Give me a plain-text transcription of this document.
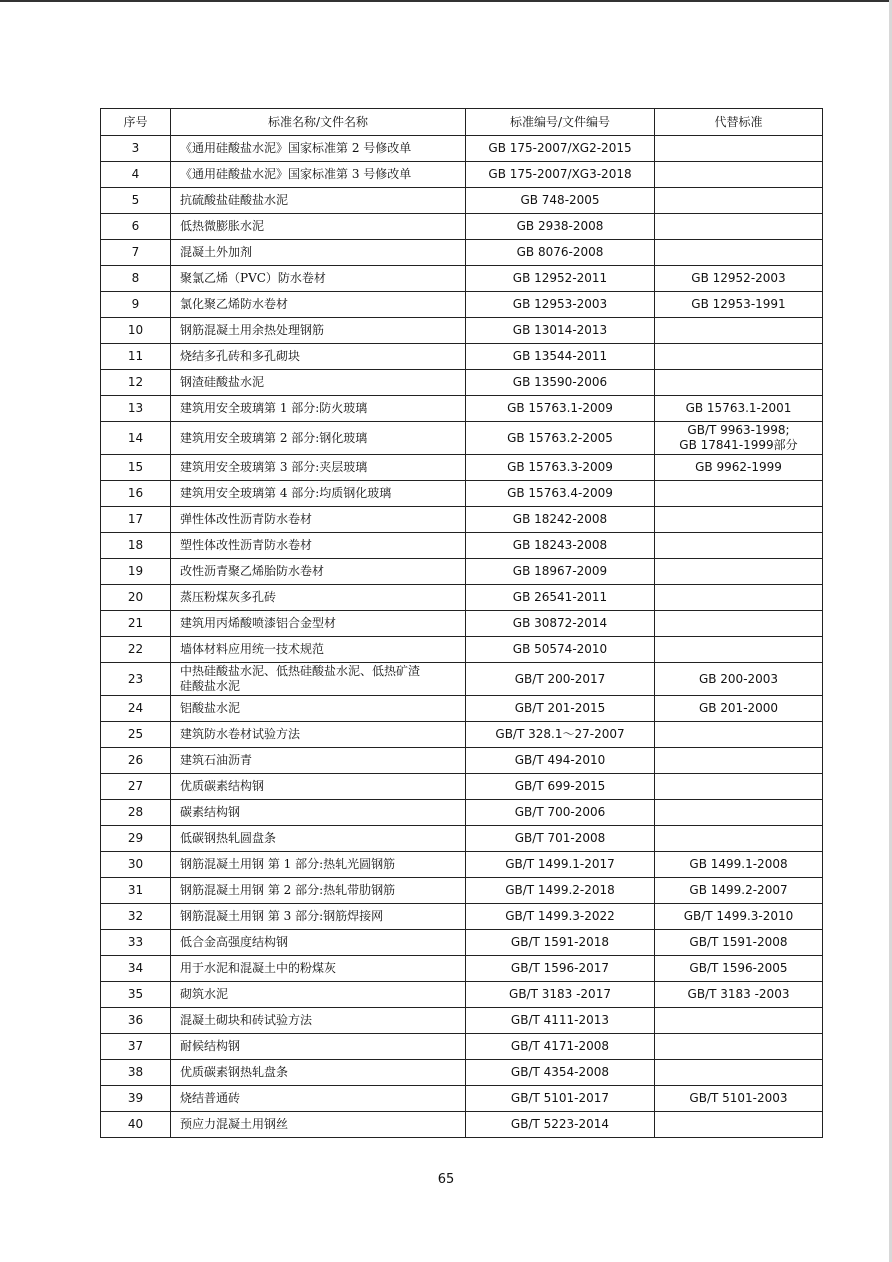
序号	标准名称/文件名称	标准编号/文件编号	代替标准
3	《通用硅酸盐水泥》国家标准第 2 号修改单	GB 175-2007/XG2-2015	
4	《通用硅酸盐水泥》国家标准第 3 号修改单	GB 175-2007/XG3-2018	
5	抗硫酸盐硅酸盐水泥	GB 748-2005	
6	低热微膨胀水泥	GB 2938-2008	
7	混凝土外加剂	GB 8076-2008	
8	聚氯乙烯（PVC）防水卷材	GB 12952-2011	GB 12952-2003
9	氯化聚乙烯防水卷材	GB 12953-2003	GB 12953-1991
10	钢筋混凝土用余热处理钢筋	GB 13014-2013	
11	烧结多孔砖和多孔砌块	GB 13544-2011	
12	钢渣硅酸盐水泥	GB 13590-2006	
13	建筑用安全玻璃第 1 部分:防火玻璃	GB 15763.1-2009	GB 15763.1-2001
14	建筑用安全玻璃第 2 部分:钢化玻璃	GB 15763.2-2005	GB/T 9963-1998;
GB 17841-1999部分
15	建筑用安全玻璃第 3 部分:夹层玻璃	GB 15763.3-2009	GB 9962-1999
16	建筑用安全玻璃第 4 部分:均质钢化玻璃	GB 15763.4-2009	
17	弹性体改性沥青防水卷材	GB 18242-2008	
18	塑性体改性沥青防水卷材	GB 18243-2008	
19	改性沥青聚乙烯胎防水卷材	GB 18967-2009	
20	蒸压粉煤灰多孔砖	GB 26541-2011	
21	建筑用丙烯酸喷漆铝合金型材	GB 30872-2014	
22	墙体材料应用统一技术规范	GB 50574-2010	
23	中热硅酸盐水泥、低热硅酸盐水泥、低热矿渣
硅酸盐水泥	GB/T 200-2017	GB 200-2003
24	铝酸盐水泥	GB/T 201-2015	GB 201-2000
25	建筑防水卷材试验方法	GB/T 328.1～27-2007	
26	建筑石油沥青	GB/T 494-2010	
27	优质碳素结构钢	GB/T 699-2015	
28	碳素结构钢	GB/T 700-2006	
29	低碳钢热轧圆盘条	GB/T 701-2008	
30	钢筋混凝土用钢 第 1 部分:热轧光圆钢筋	GB/T 1499.1-2017	GB 1499.1-2008
31	钢筋混凝土用钢 第 2 部分:热轧带肋钢筋	GB/T 1499.2-2018	GB 1499.2-2007
32	钢筋混凝土用钢 第 3 部分:钢筋焊接网	GB/T 1499.3-2022	GB/T 1499.3-2010
33	低合金高强度结构钢	GB/T 1591-2018	GB/T 1591-2008
34	用于水泥和混凝土中的粉煤灰	GB/T 1596-2017	GB/T 1596-2005
35	砌筑水泥	GB/T 3183 -2017	GB/T 3183 -2003
36	混凝土砌块和砖试验方法	GB/T 4111-2013	
37	耐候结构钢	GB/T 4171-2008	
38	优质碳素钢热轧盘条	GB/T 4354-2008	
39	烧结普通砖	GB/T 5101-2017	GB/T 5101-2003
40	预应力混凝土用钢丝	GB/T 5223-2014	
65
